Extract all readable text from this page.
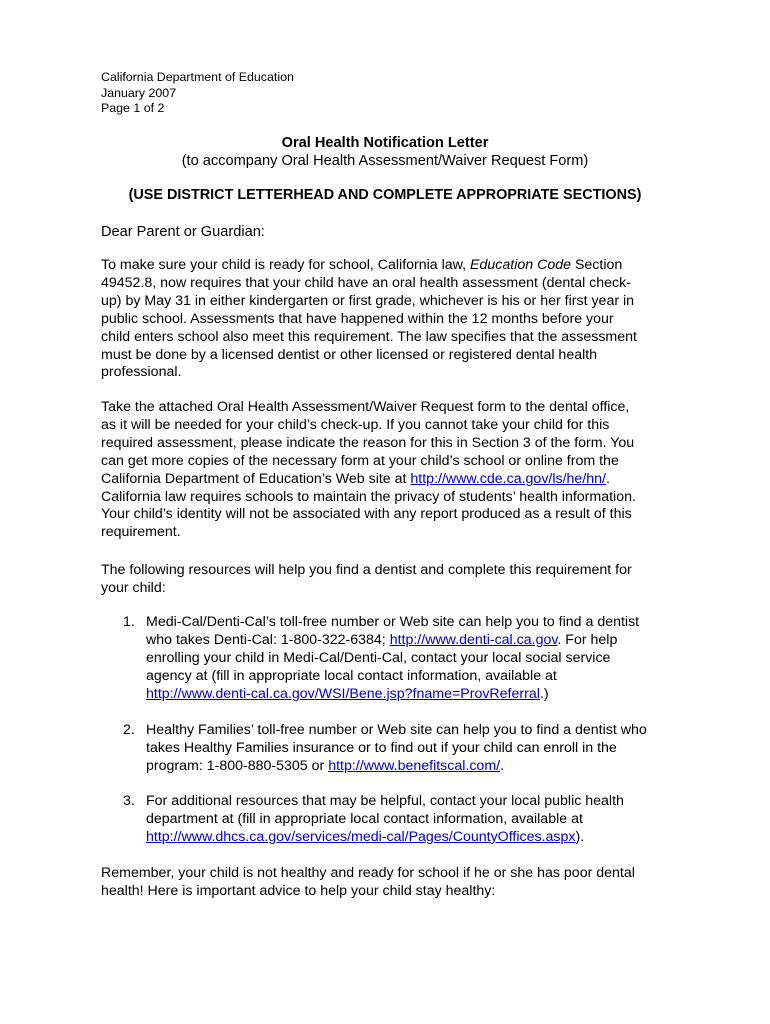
California Department of Education
January 2007
Page 1 of 2
Oral Health Notification Letter
(to accompany Oral Health Assessment/Waiver Request Form)
(USE DISTRICT LETTERHEAD AND COMPLETE APPROPRIATE SECTIONS)
Dear Parent or Guardian:
To make sure your child is ready for school, California law, Education Code Section
49452.8, now requires that your child have an oral health assessment (dental check-
up) by May 31 in either kindergarten or first grade, whichever is his or her first year in
public school. Assessments that have happened within the 12 months before your
child enters school also meet this requirement. The law specifies that the assessment
must be done by a licensed dentist or other licensed or registered dental health
professional.
Take the attached Oral Health Assessment/Waiver Request form to the dental office,
as it will be needed for your child’s check-up. If you cannot take your child for this
required assessment, please indicate the reason for this in Section 3 of the form. You
can get more copies of the necessary form at your child’s school or online from the
California Department of Education’s Web site at http://www.cde.ca.gov/ls/he/hn/.
California law requires schools to maintain the privacy of students’ health information.
Your child’s identity will not be associated with any report produced as a result of this
requirement.
The following resources will help you find a dentist and complete this requirement for
your child:
1. Medi-Cal/Denti-Cal’s toll-free number or Web site can help you to find a dentist
who takes Denti-Cal: 1-800-322-6384; http://www.denti-cal.ca.gov. For help
enrolling your child in Medi-Cal/Denti-Cal, contact your local social service
agency at (fill in appropriate local contact information, available at
http://www.denti-cal.ca.gov/WSI/Bene.jsp?fname=ProvReferral.)
2. Healthy Families’ toll-free number or Web site can help you to find a dentist who
takes Healthy Families insurance or to find out if your child can enroll in the
program: 1-800-880-5305 or http://www.benefitscal.com/.
3. For additional resources that may be helpful, contact your local public health
department at (fill in appropriate local contact information, available at
http://www.dhcs.ca.gov/services/medi-cal/Pages/CountyOffices.aspx).
Remember, your child is not healthy and ready for school if he or she has poor dental
health! Here is important advice to help your child stay healthy:
